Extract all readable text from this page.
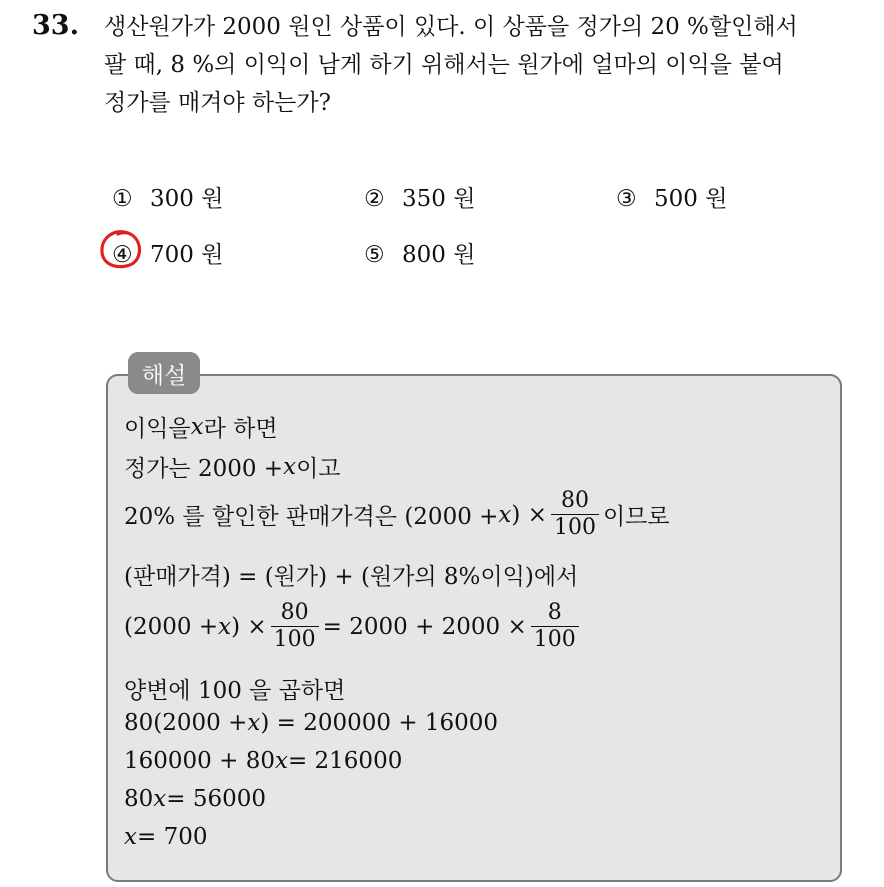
33. 생산원가가 2000 원인 상품이 있다. 이 상품을 정가의 20 %할인해서
팔 때, 8 %의 이익이 남게 하기 위해서는 원가에 얼마의 이익을 붙여
정가를 매겨야 하는가?
① 300 원	② 350 원	③ 500 원
④ 700 원	⑤ 800 원
해설
이익을 x 라 하면
정가는 2000 + x 이고
20% 를 할인한 판매가격은 (2000 + x ) × $\frac{80}{100}$ 이므로
(판매가격) = (원가) + (원가의 8%이익)에서
(2000 + x ) × $\frac{80}{100} = 2000 + 2000 \times \frac{8}{100}$
양변에 100 을 곱하면
80(2000 + x ) = 200000 + 16000
160000 + 80 x = 216000
80 x = 56000
x = 700
